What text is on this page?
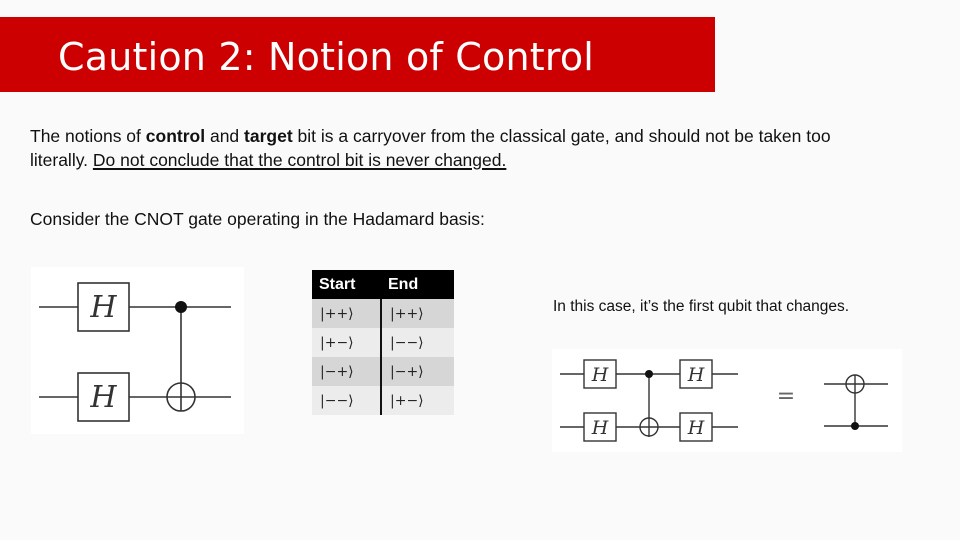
Caution 2: Notion of Control
The notions of control and target bit is a carryover from the classical gate, and should not be taken too literally. Do not conclude that the control bit is never changed.
Consider the CNOT gate operating in the Hadamard basis:
H
H
Start	End
|++⟩	|++⟩
|+−⟩	|−−⟩
|−+⟩	|−+⟩
|−−⟩	|+−⟩
In this case, it’s the first qubit that changes.
H
H
H
H
=
